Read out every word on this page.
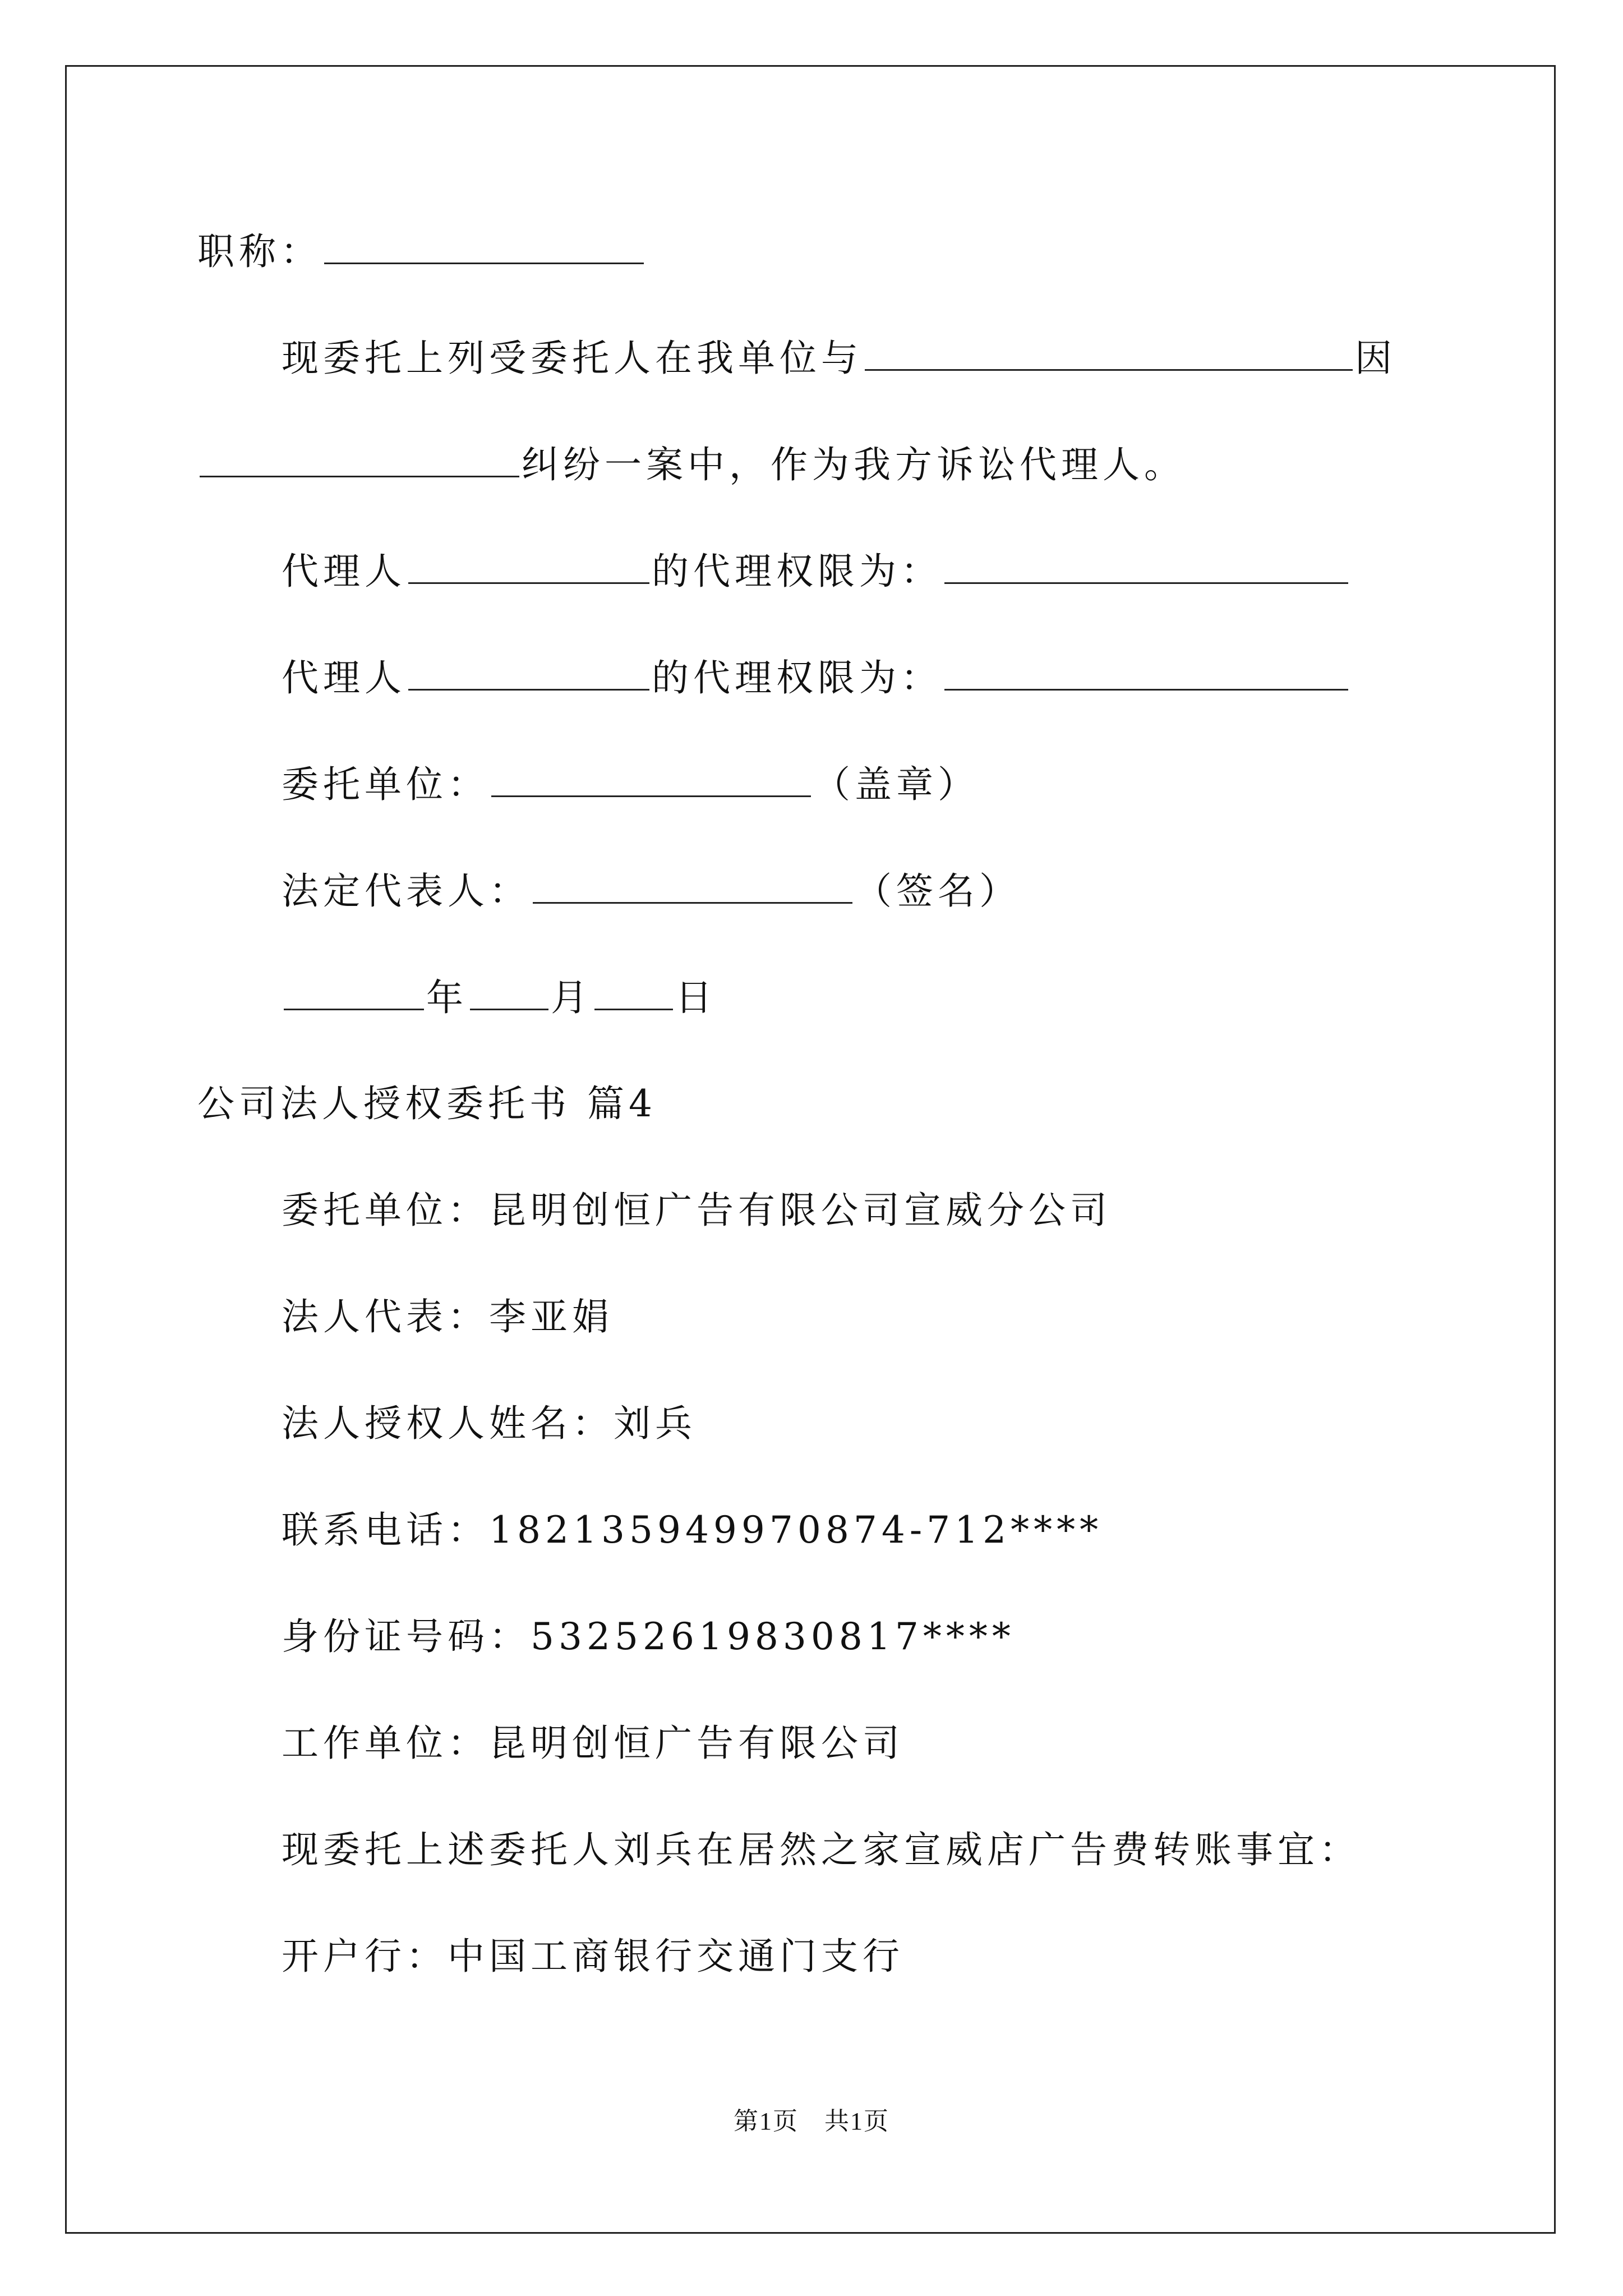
职称：
现委托上列受委托人在我单位与	因
纠纷一案中，作为我方诉讼代理人。
代理人	的代理权限为：
代理人	的代理权限为：
委托单位：	（盖章）
法定代表人：	（签名）
年 月 日
公司法人授权委托书 篇4
委托单位：昆明创恒广告有限公司宣威分公司
法人代表：李亚娟
法人授权人姓名：刘兵
联系电话：182135949970874-712****
身份证号码：53252619830817****
工作单位：昆明创恒广告有限公司
现委托上述委托人刘兵在居然之家宣威店广告费转账事宜：
开户行：中国工商银行交通门支行
第1页　共1页
